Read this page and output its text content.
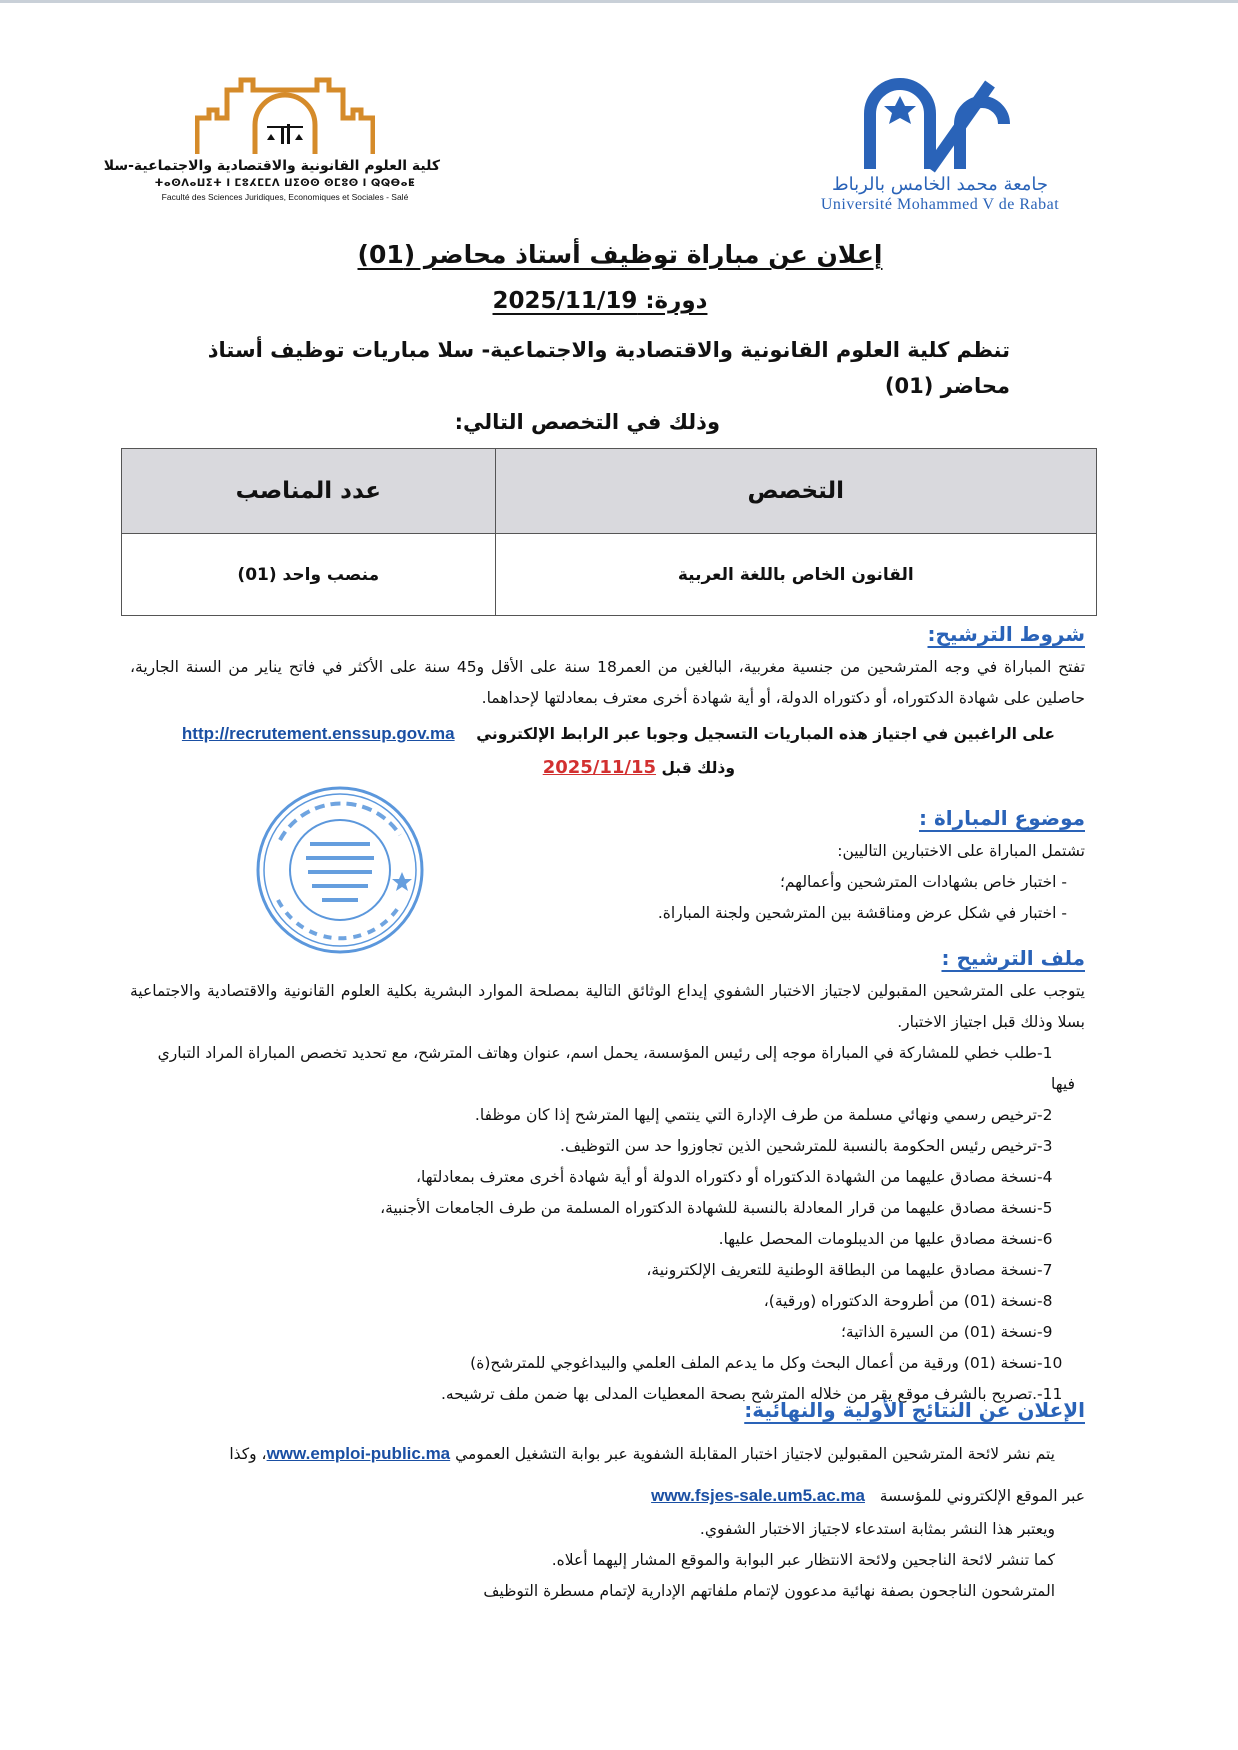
جامعة محمد الخامس بالرباط
Université Mohammed V de Rabat
كلية العلوم القانونية والاقتصادية والاجتماعية-سلا
ⵜⴰⵙⴷⴰⵡⵉⵜ ⵏ ⵎⵓⵃⵎⵎⴷ ⵡⵉⵙⵙ ⵙⵎⵓⵙ ⵏ ⵕⵕⴱⴰⵟ
Faculté des Sciences Juridiques, Economiques et Sociales - Salé
إعلان عن مباراة توظيف أستاذ محاضر (01)
دورة: 2025/11/19
تنظم كلية العلوم القانونية والاقتصادية والاجتماعية- سلا مباريات توظيف أستاذ محاضر (01)
وذلك في التخصص التالي:
التخصص	عدد المناصب
القانون الخاص باللغة العربية	منصب واحد (01)
شروط الترشيح:
تفتح المباراة في وجه المترشحين من جنسية مغربية، البالغين من العمر18 سنة على الأقل و45 سنة على الأكثر في فاتح يناير من السنة الجارية، حاصلين على شهادة الدكتوراه، أو دكتوراه الدولة، أو أية شهادة أخرى معترف بمعادلتها لإحداهما.
على الراغبين في اجتياز هذه المباريات التسجيل وجوبا عبر الرابط الإلكتروني    http://recrutement.enssup.gov.ma
وذلك قبل 2025/11/15
موضوع المباراة :
تشتمل المباراة على الاختبارين التاليين:
- اختبار خاص بشهادات المترشحين وأعمالهم؛
- اختبار في شكل عرض ومناقشة بين المترشحين ولجنة المباراة.
ملف الترشيح :
يتوجب على المترشحين المقبولين لاجتياز الاختبار الشفوي إيداع الوثائق التالية بمصلحة الموارد البشرية بكلية العلوم القانونية والاقتصادية والاجتماعية بسلا وذلك قبل اجتياز الاختبار.
1-طلب خطي للمشاركة في المباراة موجه إلى رئيس المؤسسة، يحمل اسم، عنوان وهاتف المترشح، مع تحديد تخصص المباراة المراد التباري فيها
2-ترخيص رسمي ونهائي مسلمة من طرف الإدارة التي ينتمي إليها المترشح إذا كان موظفا.
3-ترخيص رئيس الحكومة بالنسبة للمترشحين الذين تجاوزوا حد سن التوظيف.
4-نسخة مصادق عليهما من الشهادة الدكتوراه أو دكتوراه الدولة أو أية شهادة أخرى معترف بمعادلتها،
5-نسخة مصادق عليهما من قرار المعادلة بالنسبة للشهادة الدكتوراه المسلمة من طرف الجامعات الأجنبية،
6-نسخة مصادق عليها من الديبلومات المحصل عليها.
7-نسخة مصادق عليهما من البطاقة الوطنية للتعريف الإلكترونية،
8-نسخة (01) من أطروحة الدكتوراه (ورقية)،
9-نسخة (01) من السيرة الذاتية؛
10-نسخة (01) ورقية من أعمال البحث وكل ما يدعم الملف العلمي والبيداغوجي للمترشح(ة)
11-.تصريح بالشرف موقع يقر من خلاله المترشح بصحة المعطيات المدلى بها ضمن ملف ترشيحه.
الإعلان عن النتائج الأولية والنهائية:
يتم نشر لائحة المترشحين المقبولين لاجتياز اختبار المقابلة الشفوية عبر بوابة التشغيل العمومي www.emploi-public.ma، وكذا
عبر الموقع الإلكتروني للمؤسسة   www.fsjes-sale.um5.ac.ma
ويعتبر هذا النشر بمثابة استدعاء لاجتياز الاختبار الشفوي.
كما تنشر لائحة الناجحين ولائحة الانتظار عبر البوابة والموقع المشار إليهما أعلاه.
المترشحون الناجحون بصفة نهائية مدعوون لإتمام ملفاتهم الإدارية لإتمام مسطرة التوظيف
